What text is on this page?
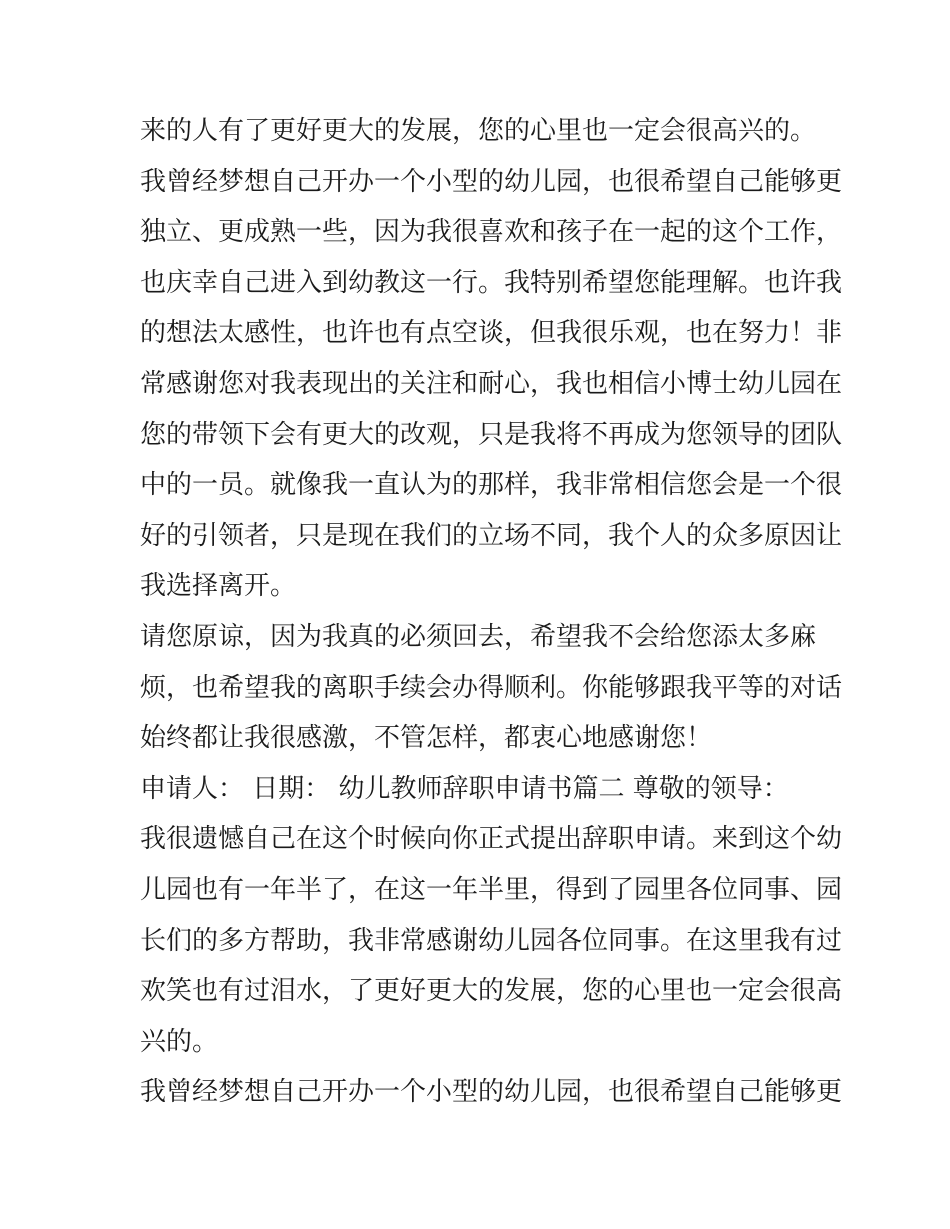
来的人有了更好更大的发展，您的心里也一定会很高兴的。
我曾经梦想自己开办一个小型的幼儿园，也很希望自己能够更
独立、更成熟一些，因为我很喜欢和孩子在一起的这个工作，
也庆幸自己进入到幼教这一行。我特别希望您能理解。也许我
的想法太感性，也许也有点空谈，但我很乐观，也在努力！非
常感谢您对我表现出的关注和耐心，我也相信小博士幼儿园在
您的带领下会有更大的改观，只是我将不再成为您领导的团队
中的一员。就像我一直认为的那样，我非常相信您会是一个很
好的引领者，只是现在我们的立场不同，我个人的众多原因让
我选择离开。
请您原谅，因为我真的必须回去，希望我不会给您添太多麻
烦，也希望我的离职手续会办得顺利。你能够跟我平等的对话
始终都让我很感激，不管怎样，都衷心地感谢您！
申请人： 日期： 幼儿教师辞职申请书篇二 尊敬的领导：
我很遗憾自己在这个时候向你正式提出辞职申请。来到这个幼
儿园也有一年半了，在这一年半里，得到了园里各位同事、园
长们的多方帮助，我非常感谢幼儿园各位同事。在这里我有过
欢笑也有过泪水，了更好更大的发展，您的心里也一定会很高
兴的。
我曾经梦想自己开办一个小型的幼儿园，也很希望自己能够更
